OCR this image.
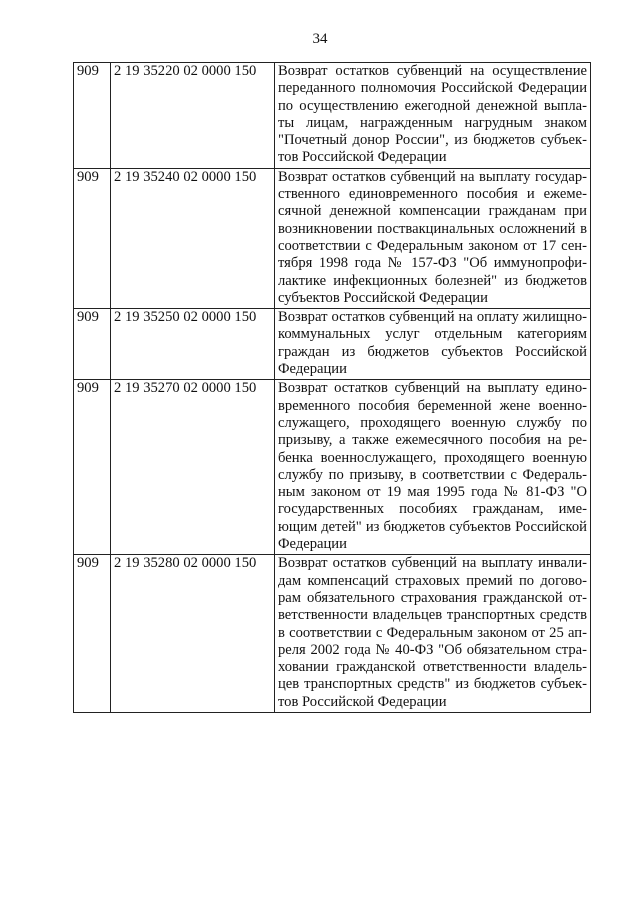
34
909	2 19 35220 02 0000 150	Возврат остатков субвенций на осуществление переданного полномочия Российской Федерации по осуществлению ежегодной денежной выплаты лицам, награжденным нагрудным знаком "Почетный донор России", из бюджетов субъектов Российской Федерации
909	2 19 35240 02 0000 150	Возврат остатков субвенций на выплату государственного единовременного пособия и ежемесячной денежной компенсации гражданам при возникновении поствакцинальных осложнений в соответствии с Федеральным законом от 17 сентября 1998 года № 157-ФЗ "Об иммунопрофилактике инфекционных болезней" из бюджетов субъектов Российской Федерации
909	2 19 35250 02 0000 150	Возврат остатков субвенций на оплату жилищно-коммунальных услуг отдельным категориям граждан из бюджетов субъектов Российской Федерации
909	2 19 35270 02 0000 150	Возврат остатков субвенций на выплату единовременного пособия беременной жене военнослужащего, проходящего военную службу по призыву, а также ежемесячного пособия на ребенка военнослужащего, проходящего военную службу по призыву, в соответствии с Федеральным законом от 19 мая 1995 года № 81-ФЗ "О государственных пособиях гражданам, имеющим детей" из бюджетов субъектов Российской Федерации
909	2 19 35280 02 0000 150	Возврат остатков субвенций на выплату инвалидам компенсаций страховых премий по договорам обязательного страхования гражданской ответственности владельцев транспортных средств в соответствии с Федеральным законом от 25 апреля 2002 года № 40-ФЗ "Об обязательном страховании гражданской ответственности владельцев транспортных средств" из бюджетов субъектов Российской Федерации
